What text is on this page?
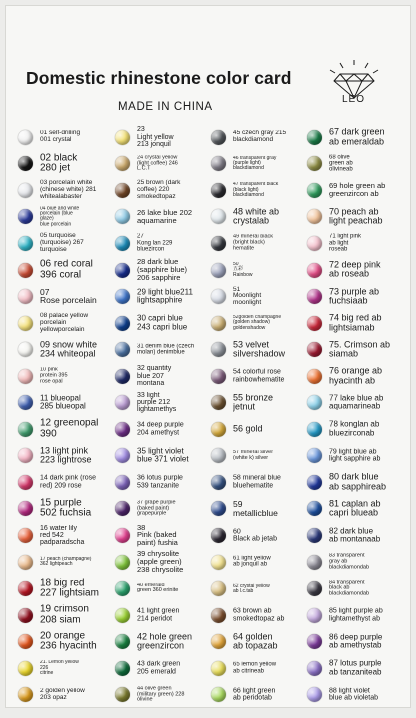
Domestic rhinestone color card
MADE IN CHINA
LEO
01 self-drilling
001 crystal
02 black
280 jet
03 porcelain white
(chinese white) 281
whitealabaster
04 blue and white
porcelain (blue
glaze)
blue porcelain
05 turquoise
(turquoise) 267
turquoise
06 red coral
396 coral
07
Rose porcelain
08 palace yellow
porcelain
yellowporcelain
09 snow white
234 whiteopal
10 pink
protein 395
rose opal
11 blueopal
285 blueopal
12 greenopal
390
13 light pink
223 lightrose
14 dark pink (rose
red) 209 rose
15 purple
502 fuchsia
16 water lily
red 542
padparadscha
17 peach (champagne)
362 lightpeach
18 big red
227 lightsiam
19 crimson
208 siam
20 orange
236 hyacinth
21. Lemon yellow
226
citrine
2 golden yellow
203 opaz
23
Light yellow
213 jonquil
24 crystal yellow
(light coffee) 246
L.C.T
25 brown (dark
coffee) 220
smokedtopaz
26 lake blue 202
aquamarine
27
Kong lan 229
bluezircon
28 dark blue
(sapphire blue)
206 sapphire
29 light blue211
lightsapphire
30 capri blue
243 capri blue
31 denim blue (czech
molan) denimblue
32 quantity
blue 207
montana
33 light
purple 212
lightamethys
34 deep purple
204 amethyst
35 light violet
blue 371 violet
36 lotus purple
539 tanzanite
37 grape purple
(baked paint)
grapepurple
38
Pink (baked
paint) fushia
39 chrysolite
(apple green)
238 chrysolite
40 emerald
green 360 erinite
41 light green
214 peridot
42 hole green
greenzircon
43 dark green
205 emerald
44 olive green
(military green) 228
olivine
45 czech gray 215
blackdiamond
46 transparent gray
(purple light)
blackdiamond
47 transparent black
(black light)
blackdiamond
48 white ab
crystalab
49 mineral black
(bright black)
hematite
50
五彩
Rainbow
51
Moonlight
moonlight
52golden champagne
(golden shadow)
goldenshadow
53 velvet
silvershadow
54 colorful rose
rainbowhematite
55 bronze
jetnut
56 gold
57 mineral silver
(white k) silver
58 mineral blue
bluehematite
59
metallicblue
60
Black ab jetab
61 light yellow
ab jonquil ab
62 crystal yellow
ab l.c.tab
63 brown ab
smokedtopaz ab
64 golden
ab topazab
65 lemon yellow
ab citrineab
66 light green
ab peridotab
67 dark green
ab emeraldab
68 olive
green ab
olivineab
69 hole green ab
greenzircon ab
70 peach ab
light peachab
71 light pink
ab light
roseab
72 deep pink
ab roseab
73 purple ab
fuchsiaab
74 big red ab
lightsiamab
75. Crimson ab
siamab
76 orange ab
hyacinth ab
77 lake blue ab
aquamarineab
78 konglan ab
bluezirconab
79 light blue ab
light sapphire ab
80 dark blue
ab sapphireab
81 caplan ab
capri blueab
82 dark blue
ab montanaab
83 transparent
gray ab
blackdiamondab
84 transparent
black ab
blackdiamondab
85 light purple ab
lightamethyst ab
86 deep purple
ab amethystab
87 lotus purple
ab tanzaniteab
88 light violet
blue ab violetab
